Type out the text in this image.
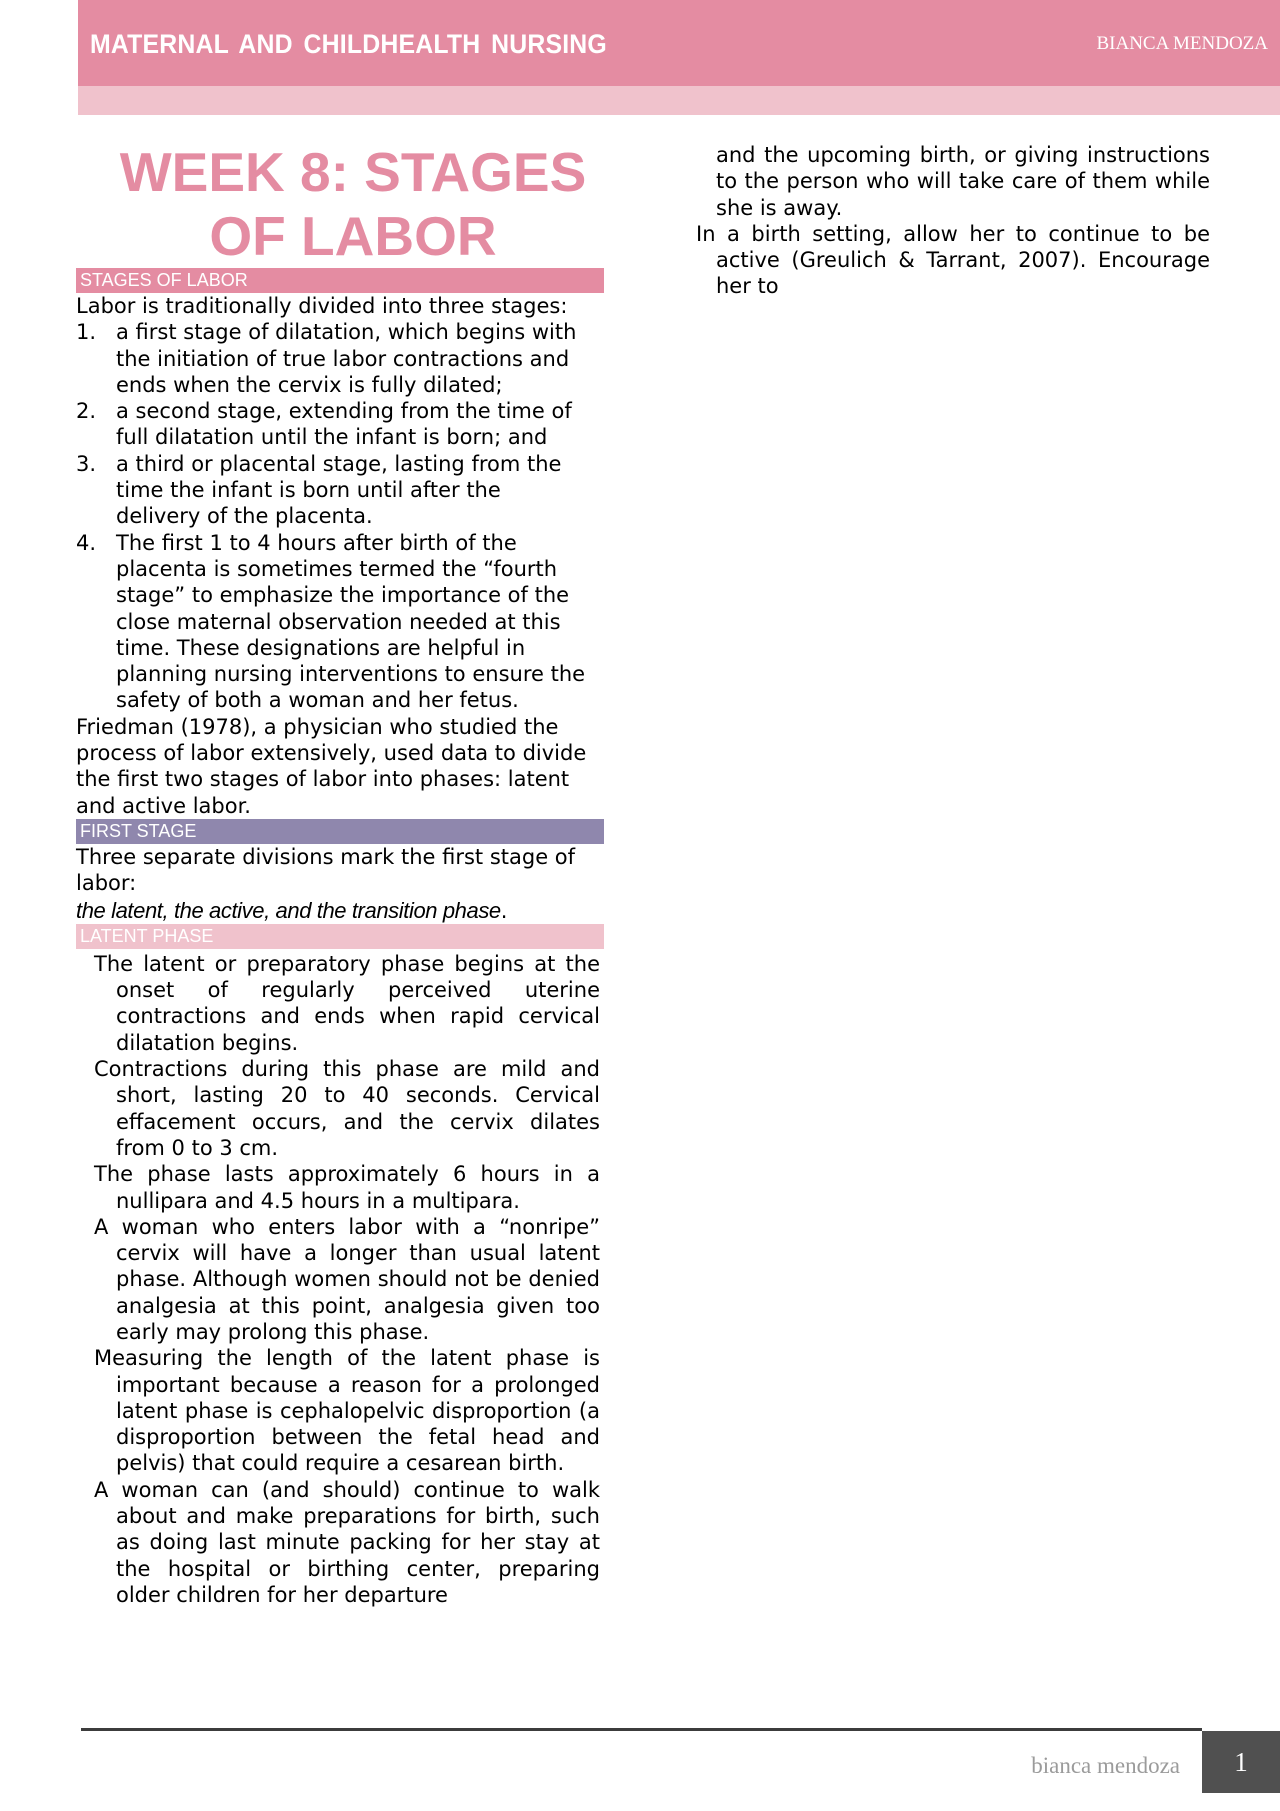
MATERNAL AND CHILDHEALTH NURSING	BIANCA MENDOZA
WEEK 8: STAGES OF LABOR
STAGES OF LABOR

Labor is traditionally divided into three stages:

1. a first stage of dilatation, which begins with the initiation of true labor contractions and ends when the cervix is fully dilated;
2. a second stage, extending from the time of full dilatation until the infant is born; and
3. a third or placental stage, lasting from the time the infant is born until after the delivery of the placenta.
4. The first 1 to 4 hours after birth of the placenta is sometimes termed the “fourth stage” to emphasize the importance of the close maternal observation needed at this time. These designations are helpful in planning nursing interventions to ensure the safety of both a woman and her fetus.

Friedman (1978), a physician who studied the process of labor extensively, used data to divide the first two stages of labor into phases: latent and active labor.

FIRST STAGE

Three separate divisions mark the first stage of labor:

the latent, the active, and the transition phase.
LATENT PHASE

The latent or preparatory phase begins at the onset of regularly perceived uterine contractions and ends when rapid cervical dilatation begins.

Contractions during this phase are mild and short, lasting 20 to 40 seconds. Cervical effacement occurs, and the cervix dilates from 0 to 3 cm.

The phase lasts approximately 6 hours in a nullipara and 4.5 hours in a multipara.

A woman who enters labor with a “nonripe” cervix will have a longer than usual latent phase. Although women should not be denied analgesia at this point, analgesia given too early may prolong this phase.

Measuring the length of the latent phase is important because a reason for a prolonged latent phase is cephalopelvic disproportion (a disproportion between the fetal head and pelvis) that could require a cesarean birth.

A woman can (and should) continue to walk about and make preparations for birth, such as doing last minute packing for her stay at the hospital or birthing center, preparing older children for her departure

and the upcoming birth, or giving instructions to the person who will take care of them while she is away.

In a birth setting, allow her to continue to be active (Greulich & Tarrant, 2007). Encourage her to

bianca mendoza	1
